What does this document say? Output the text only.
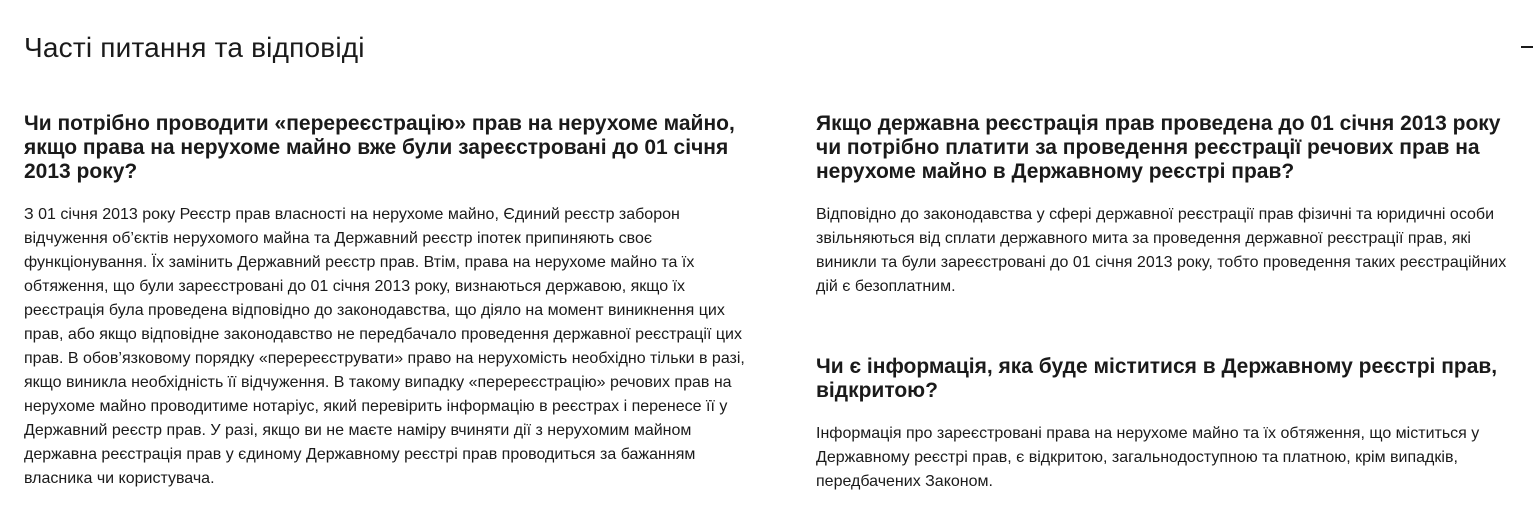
Часті питання та відповіді
Чи потрібно проводити «перереєстрацію» прав на нерухоме майно, якщо права на нерухоме майно вже були зареєстровані до 01 січня 2013 року?

З 01 січня 2013 року Реєстр прав власності на нерухоме майно, Єдиний реєстр заборон відчуження об’єктів нерухомого майна та Державний реєстр іпотек припиняють своє функціонування. Їх замінить Державний реєстр прав. Втім, права на нерухоме майно та їх обтяження, що були зареєстровані до 01 січня 2013 року, визнаються державою, якщо їх реєстрація була проведена відповідно до законодавства, що діяло на момент виникнення цих прав, або якщо відповідне законодавство не передбачало проведення державної реєстрації цих прав. В обов’язковому порядку «перереєструвати» право на нерухомість необхідно тільки в разі, якщо виникла необхідність її відчуження. В такому випадку «перереєстрацію» речових прав на нерухоме майно проводитиме нотаріус, який перевірить інформацію в реєстрах і перенесе її у Державний реєстр прав. У разі, якщо ви не маєте наміру вчиняти дії з нерухомим майном державна реєстрація прав у єдиному Державному реєстрі прав проводиться за бажанням власника чи користувача.

Якщо державна реєстрація прав проведена до 01 січня 2013 року чи потрібно платити за проведення реєстрації речових прав на нерухоме майно в Державному реєстрі прав?

Відповідно до законодавства у сфері державної реєстрації прав фізичні та юридичні особи звільняються від сплати державного мита за проведення державної реєстрації прав, які виникли та були зареєстровані до 01 січня 2013 року, тобто проведення таких реєстраційних дій є безоплатним.

Чи є інформація, яка буде міститися в Державному реєстрі прав, відкритою?

Інформація про зареєстровані права на нерухоме майно та їх обтяження, що міститься у Державному реєстрі прав, є відкритою, загальнодоступною та платною, крім випадків, передбачених Законом.
